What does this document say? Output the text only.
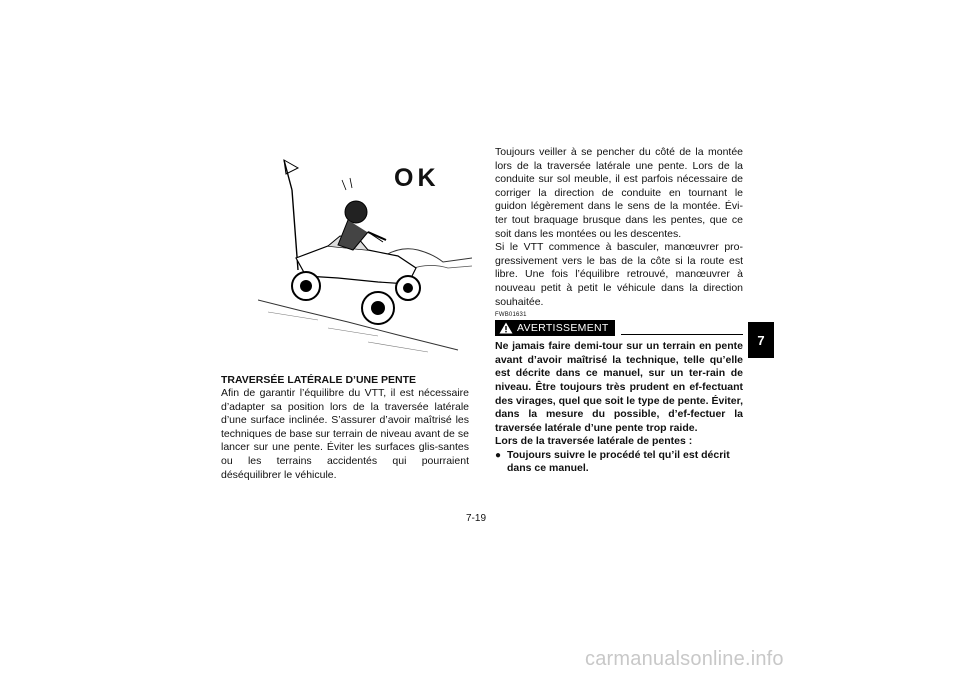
OK

TRAVERSÉE LATÉRALE D’UNE PENTE

Afin de garantir l’équilibre du VTT, il est nécessaire d’adapter sa position lors de la traversée latérale d’une surface inclinée. S’assurer d’avoir maîtrisé les techniques de base sur terrain de niveau avant de se lancer sur une pente. Éviter les surfaces glis-santes ou les terrains accidentés qui pourraient déséquilibrer le véhicule.

Toujours veiller à se pencher du côté de la montée lors de la traversée latérale une pente. Lors de la conduite sur sol meuble, il est parfois nécessaire de corriger la direction de conduite en tournant le guidon légèrement dans le sens de la montée. Évi-ter tout braquage brusque dans les pentes, que ce soit dans les montées ou les descentes.

Si le VTT commence à basculer, manœuvrer pro-gressivement vers le bas de la côte si la route est libre. Une fois l’équilibre retrouvé, manœuvrer à nouveau petit à petit le véhicule dans la direction souhaitée.

FWB01631
AVERTISSEMENT

Ne jamais faire demi-tour sur un terrain en pente avant d’avoir maîtrisé la technique, telle qu’elle est décrite dans ce manuel, sur un ter-rain de niveau. Être toujours très prudent en ef-fectuant des virages, quel que soit le type de pente. Éviter, dans la mesure du possible, d’ef-fectuer la traversée latérale d’une pente trop raide.

Lors de la traversée latérale de pentes :

● Toujours suivre le procédé tel qu’il est décrit dans ce manuel.
7
7-19
carmanualsonline.info
